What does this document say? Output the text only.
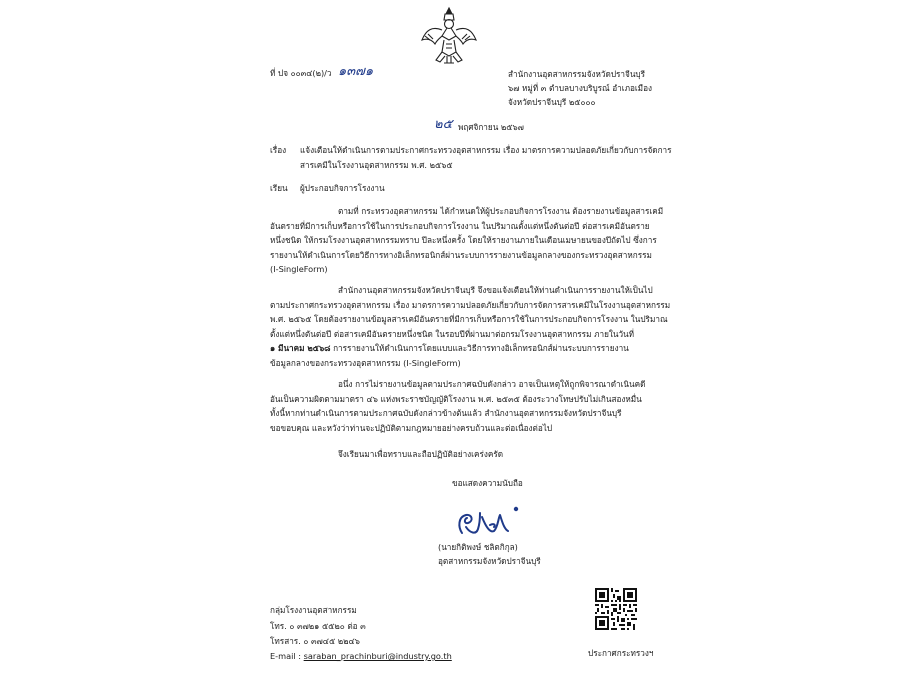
ที่ ปจ ๐๐๓๔(๒)/ว ๑๓๗๑	สำนักงานอุตสาหกรรมจังหวัดปราจีนบุรี
๖๗ หมู่ที่ ๓ ตำบลบางบริบูรณ์ อำเภอเมือง
จังหวัดปราจีนบุรี ๒๕๐๐๐
๒๕ พฤศจิกายน ๒๕๖๗
เรื่อง แจ้งเตือนให้ดำเนินการตามประกาศกระทรวงอุตสาหกรรม เรื่อง มาตรการความปลอดภัยเกี่ยวกับการจัดการ
สารเคมีในโรงงานอุตสาหกรรม พ.ศ. ๒๕๖๕
เรียน ผู้ประกอบกิจการโรงงาน
ตามที่ กระทรวงอุตสาหกรรม ได้กำหนดให้ผู้ประกอบกิจการโรงงาน ต้องรายงานข้อมูลสารเคมี
อันตรายที่มีการเก็บหรือการใช้ในการประกอบกิจการโรงงาน ในปริมาณตั้งแต่หนึ่งตันต่อปี ต่อสารเคมีอันตราย
หนึ่งชนิด ให้กรมโรงงานอุตสาหกรรมทราบ ปีละหนึ่งครั้ง โดยให้รายงานภายในเดือนเมษายนของปีถัดไป ซึ่งการ
รายงานให้ดำเนินการโดยวิธีการทางอิเล็กทรอนิกส์ผ่านระบบการรายงานข้อมูลกลางของกระทรวงอุตสาหกรรม
(I-SingleForm)
สำนักงานอุตสาหกรรมจังหวัดปราจีนบุรี จึงขอแจ้งเตือนให้ท่านดำเนินการรายงานให้เป็นไป
ตามประกาศกระทรวงอุตสาหกรรม เรื่อง มาตรการความปลอดภัยเกี่ยวกับการจัดการสารเคมีในโรงงานอุตสาหกรรม
พ.ศ. ๒๕๖๕ โดยต้องรายงานข้อมูลสารเคมีอันตรายที่มีการเก็บหรือการใช้ในการประกอบกิจการโรงงาน ในปริมาณ
ตั้งแต่หนึ่งตันต่อปี ต่อสารเคมีอันตรายหนึ่งชนิด ในรอบปีที่ผ่านมาต่อกรมโรงงานอุตสาหกรรม ภายในวันที่
๑ มีนาคม ๒๕๖๘ การรายงานให้ดำเนินการโดยแบบและวิธีการทางอิเล็กทรอนิกส์ผ่านระบบการรายงาน
ข้อมูลกลางของกระทรวงอุตสาหกรรม (I-SingleForm)
อนึ่ง การไม่รายงานข้อมูลตามประกาศฉบับดังกล่าว อาจเป็นเหตุให้ถูกพิจารณาดำเนินคดี
อันเป็นความผิดตามมาตรา ๔๖ แห่งพระราชบัญญัติโรงงาน พ.ศ. ๒๕๓๕ ต้องระวางโทษปรับไม่เกินสองหมื่น
ทั้งนี้หากท่านดำเนินการตามประกาศฉบับดังกล่าวข้างต้นแล้ว สำนักงานอุตสาหกรรมจังหวัดปราจีนบุรี
ขอขอบคุณ และหวังว่าท่านจะปฏิบัติตามกฎหมายอย่างครบถ้วนและต่อเนื่องต่อไป
จึงเรียนมาเพื่อทราบและถือปฏิบัติอย่างเคร่งครัด
ขอแสดงความนับถือ
(นายกิติพงษ์ ชลิตกิกุล)
อุตสาหกรรมจังหวัดปราจีนบุรี
กลุ่มโรงงานอุตสาหกรรม
โทร. ๐ ๓๗๒๑ ๕๕๒๐ ต่อ ๓
โทรสาร. ๐ ๓๗๔๕ ๒๒๔๖
E-mail : saraban_prachinburi@industry.go.th	ประกาศกระทรวงฯ
